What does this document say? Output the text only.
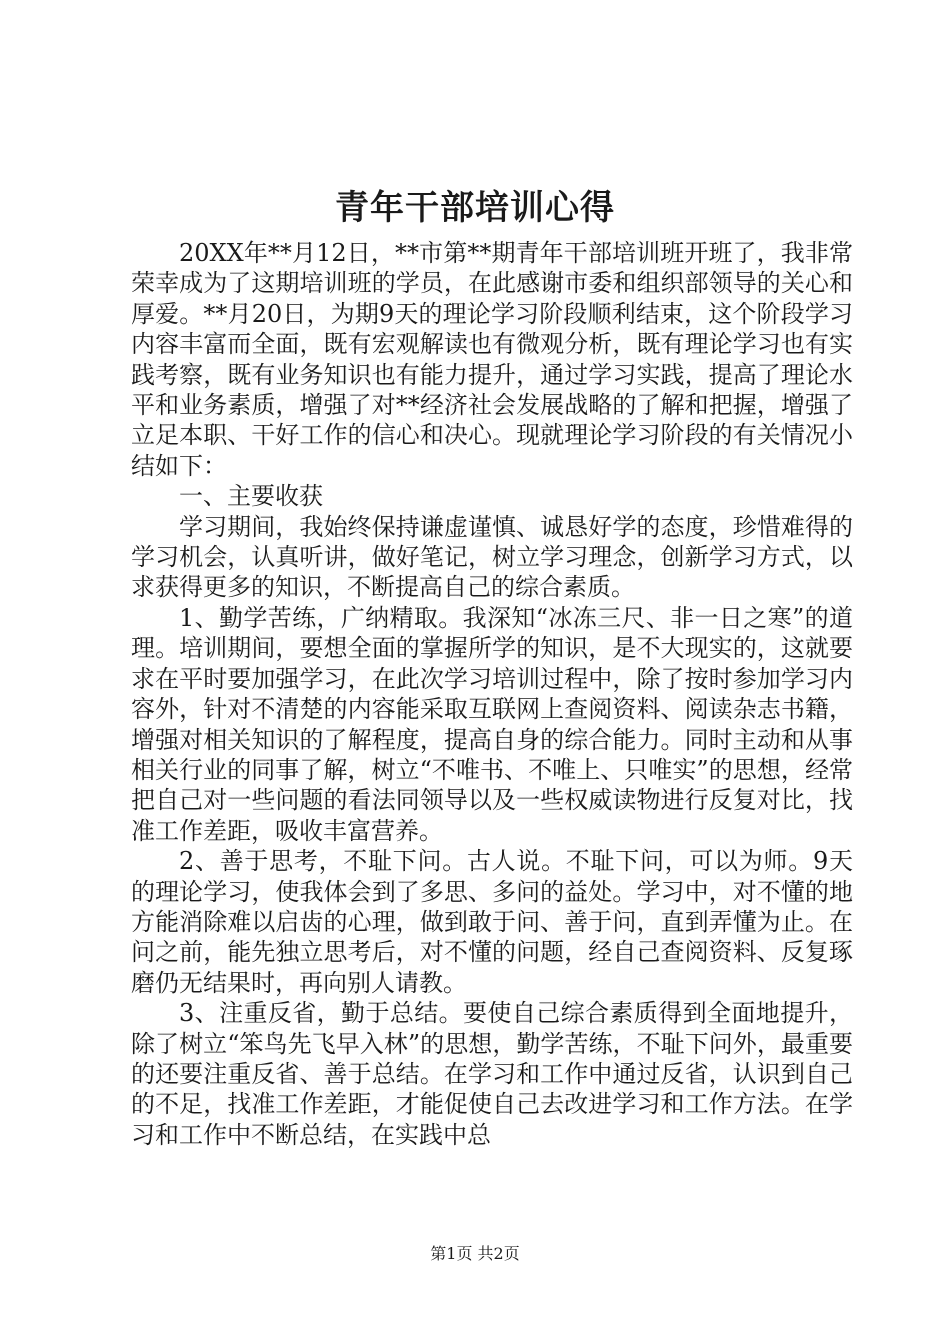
青年干部培训心得

20XX年**月12日，**市第**期青年干部培训班开班了，我非常荣幸成为了这期培训班的学员，在此感谢市委和组织部领导的关心和厚爱。**月20日，为期9天的理论学习阶段顺利结束，这个阶段学习内容丰富而全面，既有宏观解读也有微观分析，既有理论学习也有实践考察，既有业务知识也有能力提升，通过学习实践，提高了理论水平和业务素质，增强了对**经济社会发展战略的了解和把握，增强了立足本职、干好工作的信心和决心。现就理论学习阶段的有关情况小结如下：

一、主要收获

学习期间，我始终保持谦虚谨慎、诚恳好学的态度，珍惜难得的学习机会，认真听讲，做好笔记，树立学习理念，创新学习方式，以求获得更多的知识，不断提高自己的综合素质。

1、勤学苦练，广纳精取。我深知“冰冻三尺、非一日之寒”的道理。培训期间，要想全面的掌握所学的知识，是不大现实的，这就要求在平时要加强学习，在此次学习培训过程中，除了按时参加学习内容外，针对不清楚的内容能采取互联网上查阅资料、阅读杂志书籍，增强对相关知识的了解程度，提高自身的综合能力。同时主动和从事相关行业的同事了解，树立“不唯书、不唯上、只唯实”的思想，经常把自己对一些问题的看法同领导以及一些权威读物进行反复对比，找准工作差距，吸收丰富营养。

2、善于思考，不耻下问。古人说。不耻下问，可以为师。9天的理论学习，使我体会到了多思、多问的益处。学习中，对不懂的地方能消除难以启齿的心理，做到敢于问、善于问，直到弄懂为止。在问之前，能先独立思考后，对不懂的问题，经自己查阅资料、反复琢磨仍无结果时，再向别人请教。

3、注重反省，勤于总结。要使自己综合素质得到全面地提升，除了树立“笨鸟先飞早入林”的思想，勤学苦练，不耻下问外，最重要的还要注重反省、善于总结。在学习和工作中通过反省，认识到自己的不足，找准工作差距，才能促使自己去改进学习和工作方法。在学习和工作中不断总结，在实践中总

第1页 共2页
